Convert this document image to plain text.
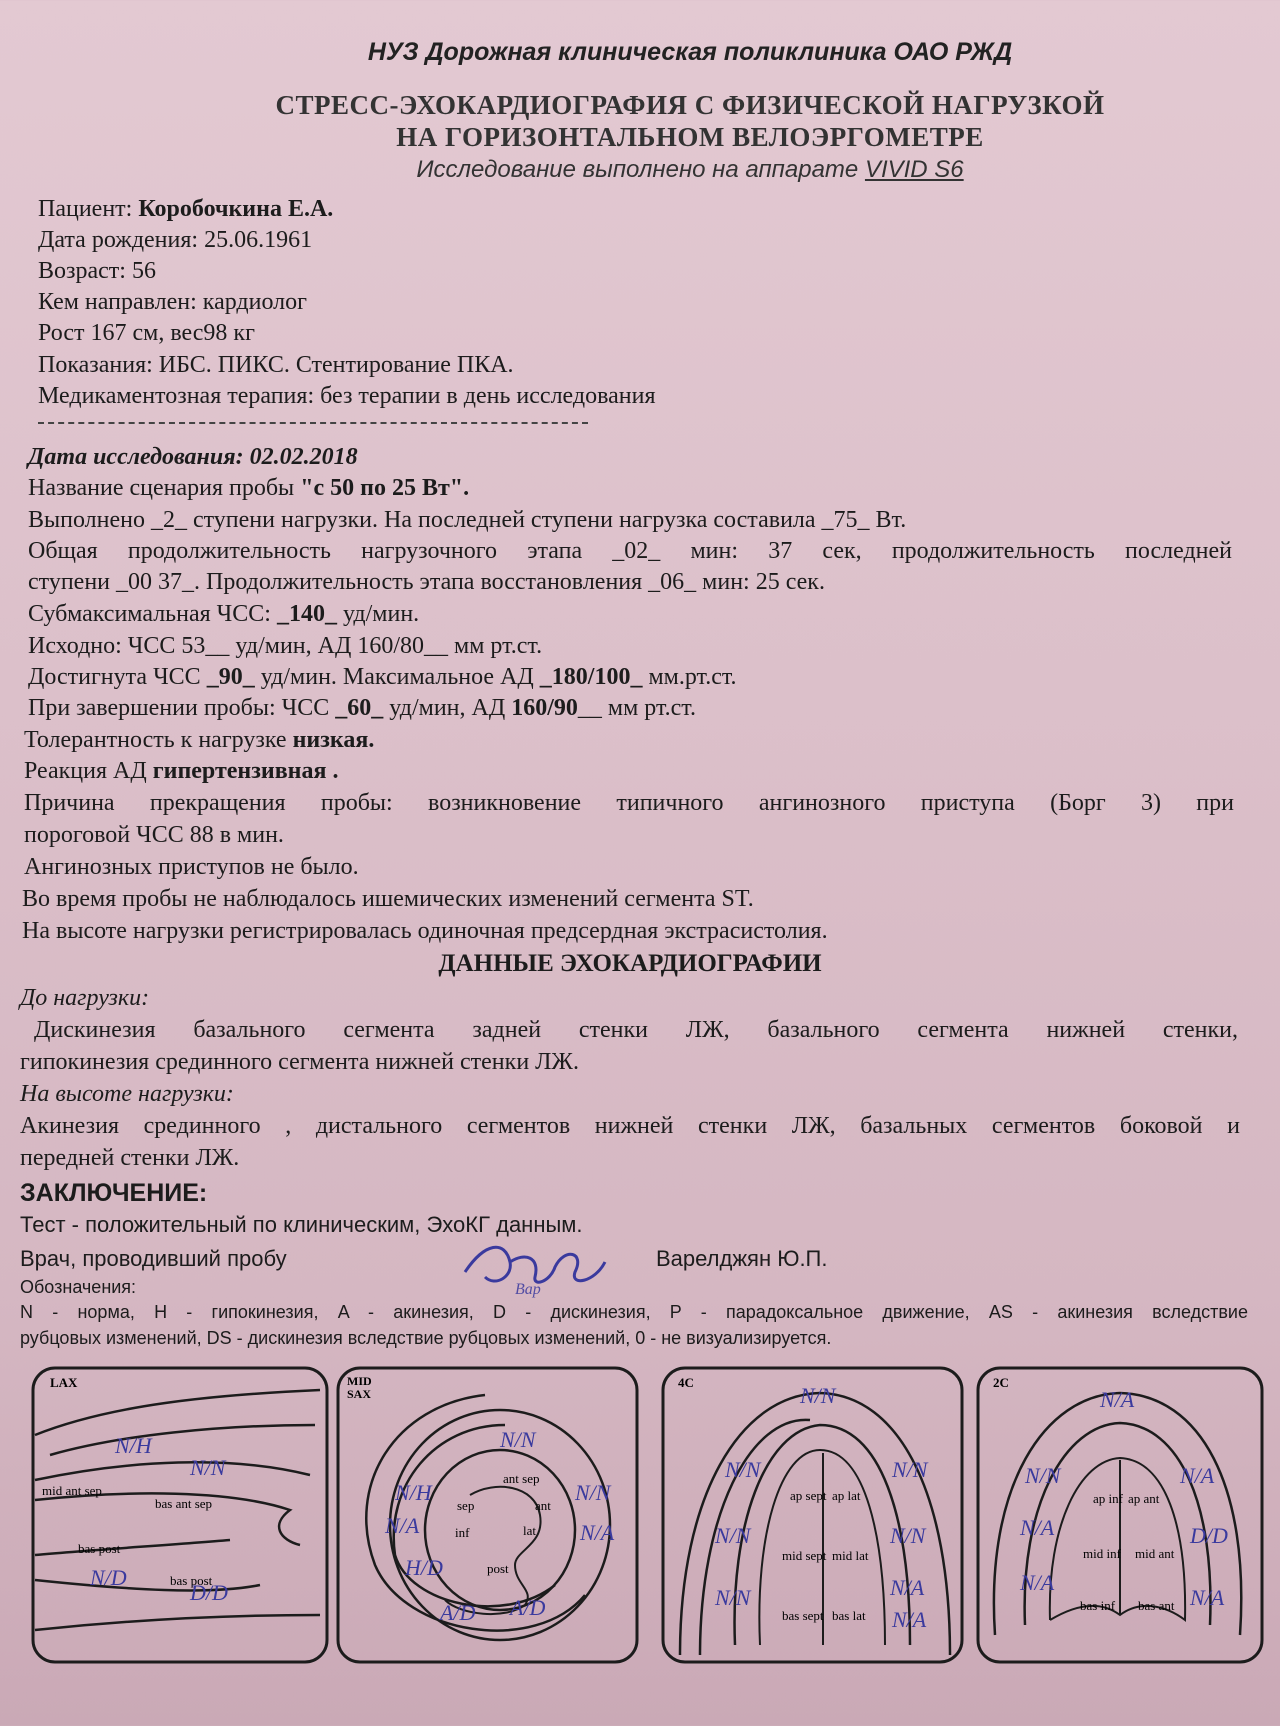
НУЗ Дорожная клиническая поликлиника ОАО РЖД
СТРЕСС-ЭХОКАРДИОГРАФИЯ С ФИЗИЧЕСКОЙ НАГРУЗКОЙ
НА ГОРИЗОНТАЛЬНОМ ВЕЛОЭРГОМЕТРЕ
Исследование выполнено на аппарате VIVID S6
Пациент: Коробочкина Е.А.
Дата рождения: 25.06.1961
Возраст: 56
Кем направлен: кардиолог
Рост 167 см, вес98 кг
Показания: ИБС. ПИКС. Стентирование ПКА.
Медикаментозная терапия: без терапии в день исследования
Дата исследования: 02.02.2018
Название сценария пробы "с 50 по 25 Вт".
Выполнено _2_ ступени нагрузки. На последней ступени нагрузка составила _75_ Вт.
Общая продолжительность нагрузочного этапа _02_ мин: 37 сек, продолжительность последней
ступени _00 37_. Продолжительность этапа восстановления _06_ мин: 25 сек.
Субмаксимальная ЧСС: _140_ уд/мин.
Исходно: ЧСС 53__ уд/мин, АД 160/80__ мм рт.ст.
Достигнута ЧСС _90_ уд/мин. Максимальное АД _180/100_ мм.рт.ст.
При завершении пробы: ЧСС _60_ уд/мин, АД 160/90__ мм рт.ст.
Толерантность к нагрузке низкая.
Реакция АД гипертензивная .
Причина прекращения пробы: возникновение типичного ангинозного приступа (Борг 3) при
пороговой ЧСС 88 в мин.
Ангинозных приступов не было.
Во время пробы не наблюдалось ишемических изменений сегмента ST.
На высоте нагрузки регистрировалась одиночная предсердная экстрасистолия.
ДАННЫЕ ЭХОКАРДИОГРАФИИ
До нагрузки:
Дискинезия базального сегмента задней стенки ЛЖ, базального сегмента нижней стенки,
гипокинезия срединного сегмента нижней стенки ЛЖ.
На высоте нагрузки:
Акинезия срединного , дистального сегментов нижней стенки ЛЖ, базальных сегментов боковой и
передней стенки ЛЖ.
ЗАКЛЮЧЕНИЕ:
Тест - положительный по клиническим, ЭхоКГ данным.
Врач, проводивший пробу
Вар
Варелджян Ю.П.
Обозначения:
N - норма, H - гипокинезия, A - акинезия, D - дискинезия, P - парадоксальное движение, AS - акинезия вследствие
рубцовых изменений, DS - дискинезия вследствие рубцовых изменений, 0 - не визуализируется.
LAX
mid ant sep
bas ant sep
bas post
bas post
N/H
N/N
N/D
D/D
MID
SAX
ant sep
sep	ant
inf	lat
post
N/N
N/H	N/N
N/A	N/A
H/D
A/D A/D
4C
ap sept ap lat
mid sept mid lat
bas sept bas lat
N/N
N/N	N/N
N/N	N/N
N/N	N/A
N/A
2C
ap inf ap ant
mid inf mid ant
bas inf bas ant
N/A
N/N	N/A
N/A	D/D
N/A
N/A
